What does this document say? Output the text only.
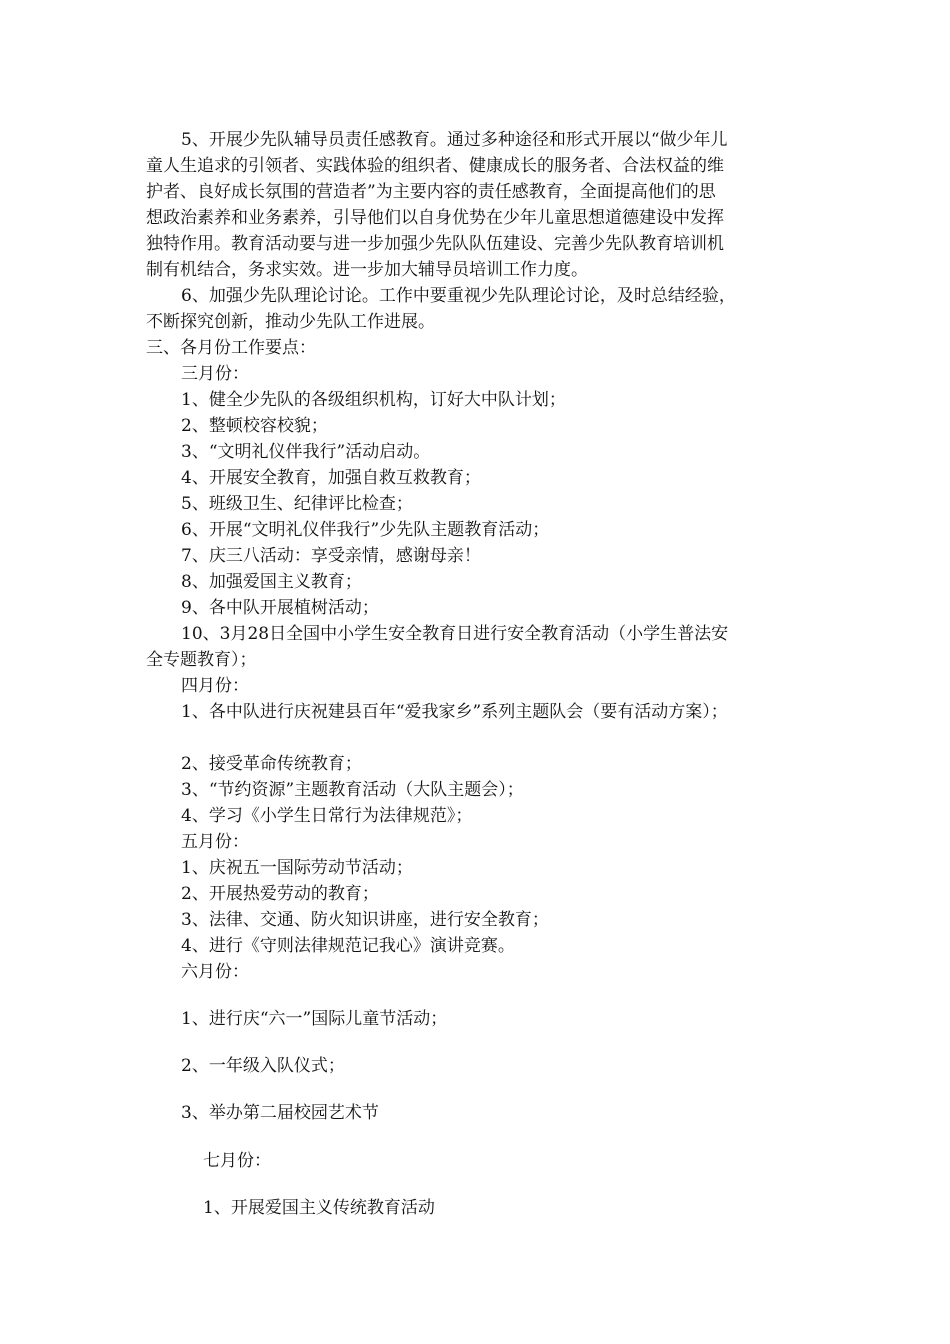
5、开展少先队辅导员责任感教育。通过多种途径和形式开展以“做少年儿
童人生追求的引领者、实践体验的组织者、健康成长的服务者、合法权益的维
护者、良好成长氛围的营造者”为主要内容的责任感教育，全面提高他们的思
想政治素养和业务素养，引导他们以自身优势在少年儿童思想道德建设中发挥
独特作用。教育活动要与进一步加强少先队队伍建设、完善少先队教育培训机
制有机结合，务求实效。进一步加大辅导员培训工作力度。
6、加强少先队理论讨论。工作中要重视少先队理论讨论，及时总结经验，
不断探究创新，推动少先队工作进展。
三、各月份工作要点：
三月份：
1、健全少先队的各级组织机构，订好大中队计划；
2、整顿校容校貌；
3、“文明礼仪伴我行”活动启动。
4、开展安全教育，加强自救互救教育；
5、班级卫生、纪律评比检查；
6、开展“文明礼仪伴我行”少先队主题教育活动；
7、庆三八活动：享受亲情，感谢母亲！
8、加强爱国主义教育；
9、各中队开展植树活动；
10、3月28日全国中小学生安全教育日进行安全教育活动（小学生普法安
全专题教育）；
四月份：
1、各中队进行庆祝建县百年“爱我家乡”系列主题队会（要有活动方案）；
2、接受革命传统教育；
3、“节约资源”主题教育活动（大队主题会）；
4、学习《小学生日常行为法律规范》；
五月份：
1、庆祝五一国际劳动节活动；
2、开展热爱劳动的教育；
3、法律、交通、防火知识讲座，进行安全教育；
4、进行《守则法律规范记我心》演讲竞赛。
六月份：
1、进行庆“六一”国际儿童节活动；
2、一年级入队仪式；
3、举办第二届校园艺术节
七月份：
1、开展爱国主义传统教育活动
